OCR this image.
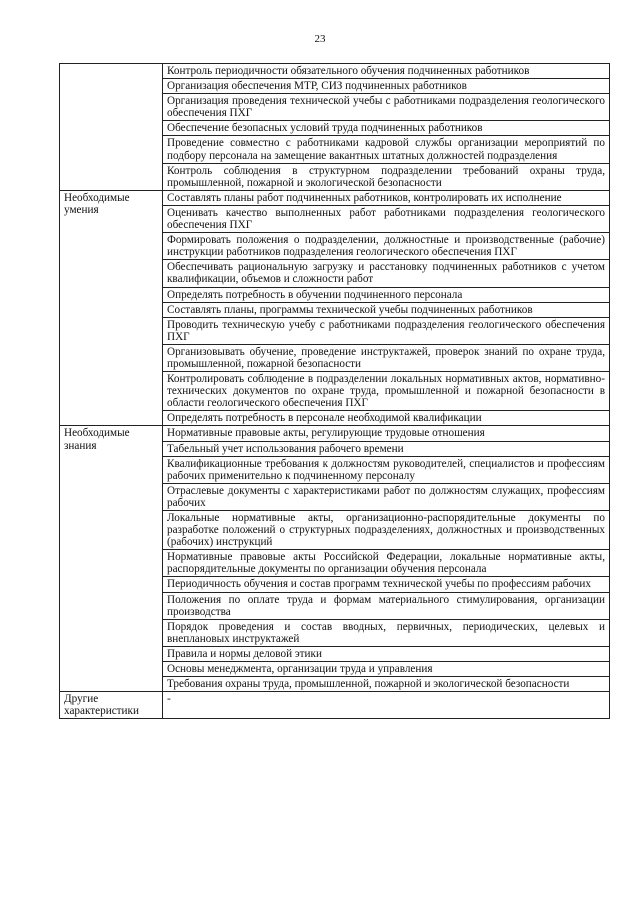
23
	Контроль периодичности обязательного обучения подчиненных работников
	Организация обеспечения МТР, СИЗ подчиненных работников
	Организация проведения технической учебы с работниками подразделения геологического обеспечения ПХГ
	Обеспечение безопасных условий труда подчиненных работников
	Проведение совместно с работниками кадровой службы организации мероприятий по подбору персонала на замещение вакантных штатных должностей подразделения
	Контроль соблюдения в структурном подразделении требований охраны труда, промышленной, пожарной и экологической безопасности
Необходимые умения	Составлять планы работ подчиненных работников, контролировать их исполнение
	Оценивать качество выполненных работ работниками подразделения геологического обеспечения ПХГ
	Формировать положения о подразделении, должностные и производственные (рабочие) инструкции работников подразделения геологического обеспечения ПХГ
	Обеспечивать рациональную загрузку и расстановку подчиненных работников с учетом квалификации, объемов и сложности работ
	Определять потребность в обучении подчиненного персонала
	Составлять планы, программы технической учебы подчиненных работников
	Проводить техническую учебу с работниками подразделения геологического обеспечения ПХГ
	Организовывать обучение, проведение инструктажей, проверок знаний по охране труда, промышленной, пожарной безопасности
	Контролировать соблюдение в подразделении локальных нормативных актов, нормативно-технических документов по охране труда, промышленной и пожарной безопасности в области геологического обеспечения ПХГ
	Определять потребность в персонале необходимой квалификации
Необходимые знания	Нормативные правовые акты, регулирующие трудовые отношения
	Табельный учет использования рабочего времени
	Квалификационные требования к должностям руководителей, специалистов и профессиям рабочих применительно к подчиненному персоналу
	Отраслевые документы с характеристиками работ по должностям служащих, профессиям рабочих
	Локальные нормативные акты, организационно-распорядительные документы по разработке положений о структурных подразделениях, должностных и производственных (рабочих) инструкций
	Нормативные правовые акты Российской Федерации, локальные нормативные акты, распорядительные документы по организации обучения персонала
	Периодичность обучения и состав программ технической учебы по профессиям рабочих
	Положения по оплате труда и формам материального стимулирования, организации производства
	Порядок проведения и состав вводных, первичных, периодических, целевых и внеплановых инструктажей
	Правила и нормы деловой этики
	Основы менеджмента, организации труда и управления
	Требования охраны труда, промышленной, пожарной и экологической безопасности
Другие характеристики	-
